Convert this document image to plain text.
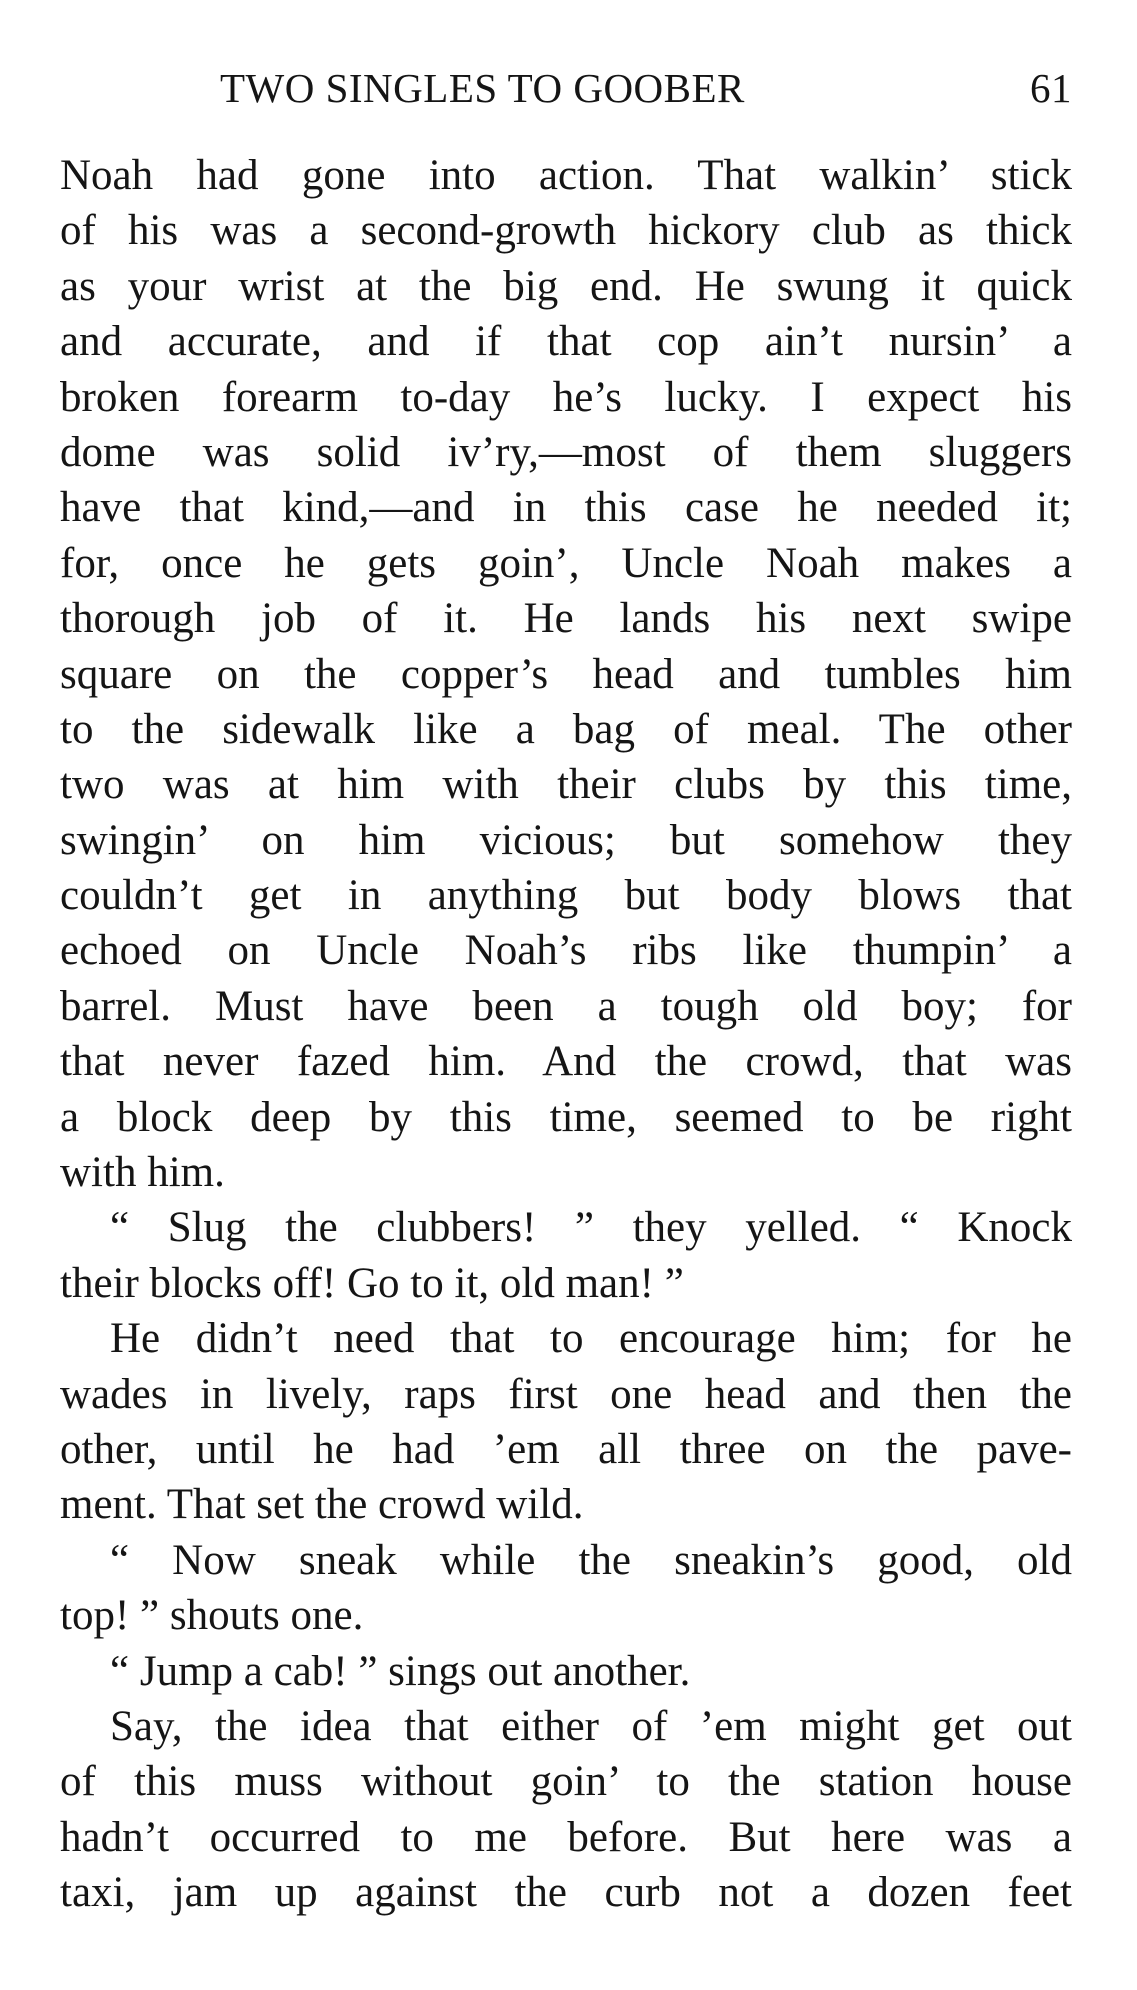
TWO SINGLES TO GOOBER	61
Noah had gone into action. That walkin’ stick
of his was a second-growth hickory club as thick
as your wrist at the big end. He swung it quick
and accurate, and if that cop ain’t nursin’ a
broken forearm to-day he’s lucky. I expect his
dome was solid iv’ry,—most of them sluggers
have that kind,—and in this case he needed it;
for, once he gets goin’, Uncle Noah makes a
thorough job of it. He lands his next swipe
square on the copper’s head and tumbles him
to the sidewalk like a bag of meal. The other
two was at him with their clubs by this time,
swingin’ on him vicious; but somehow they
couldn’t get in anything but body blows that
echoed on Uncle Noah’s ribs like thumpin’ a
barrel. Must have been a tough old boy; for
that never fazed him. And the crowd, that was
a block deep by this time, seemed to be right
with him.
“ Slug the clubbers! ” they yelled. “ Knock
their blocks off! Go to it, old man! ”
He didn’t need that to encourage him; for he
wades in lively, raps first one head and then the
other, until he had ’em all three on the pave-
ment. That set the crowd wild.
“ Now sneak while the sneakin’s good, old
top! ” shouts one.
“ Jump a cab! ” sings out another.
Say, the idea that either of ’em might get out
of this muss without goin’ to the station house
hadn’t occurred to me before. But here was a
taxi, jam up against the curb not a dozen feet
